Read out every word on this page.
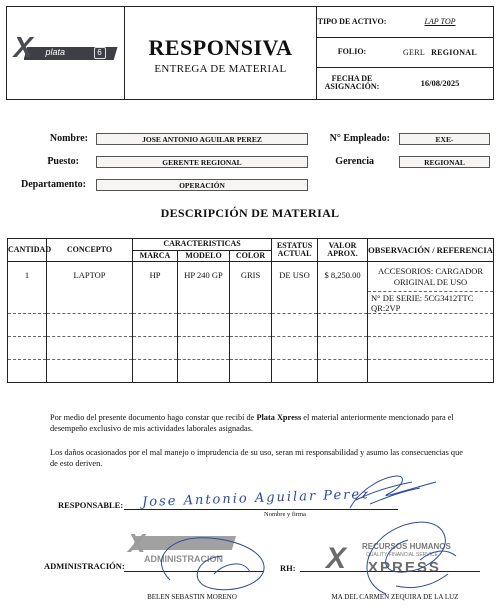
X plata	6	RESPONSIVA
ENTREGA DE MATERIAL
TIPO DE ACTIVO:	LAP TOP
FOLIO:	GERL REGIONAL
FECHA DE ASIGNACIÓN:	16/08/2025
Nombre:	JOSE ANTONIO AGUILAR PEREZ	N° Empleado:	EXE-
Puesto:	GERENTE REGIONAL	Gerencia	REGIONAL
Departamento:	OPERACIÓN
DESCRIPCIÓN DE MATERIAL
CANTIDAD	CONCEPTO	CARACTERISTICAS			ESTATUS ACTUAL	VALOR APROX.	OBSERVACIÓN / REFERENCIA
		MARCA	MODELO	COLOR			
1	LAPTOP	HP	HP 240 GP	GRIS	DE USO	$ 8,250.00	ACCESORIOS: CARGADOR ORIGINAL DE USO
							N° DE SERIE: 5CG3412TTC QR:2VP

Por medio del presente documento hago constar que recibí de Plata Xpress el material anteriormente mencionado para el desempeño exclusivo de mis actividades laborales asignadas.
Los daños ocasionados por el mal manejo o imprudencia de su uso, seran mi responsabilidad y asumo las consecuencias que de esto deriven.
RESPONSABLE: Jose Antonio Aguilar Perez
Nombre y firma
ADMINISTRACIÓN:
BELEN SEBASTIN MORENO
RH:
MA DEL CARMEN ZEQUIRA DE LA LUZ
X
ADMINISTRACION
RECURSOS HUMANOS
QUALITY FINANCIAL SERVICE
X XPRESS
